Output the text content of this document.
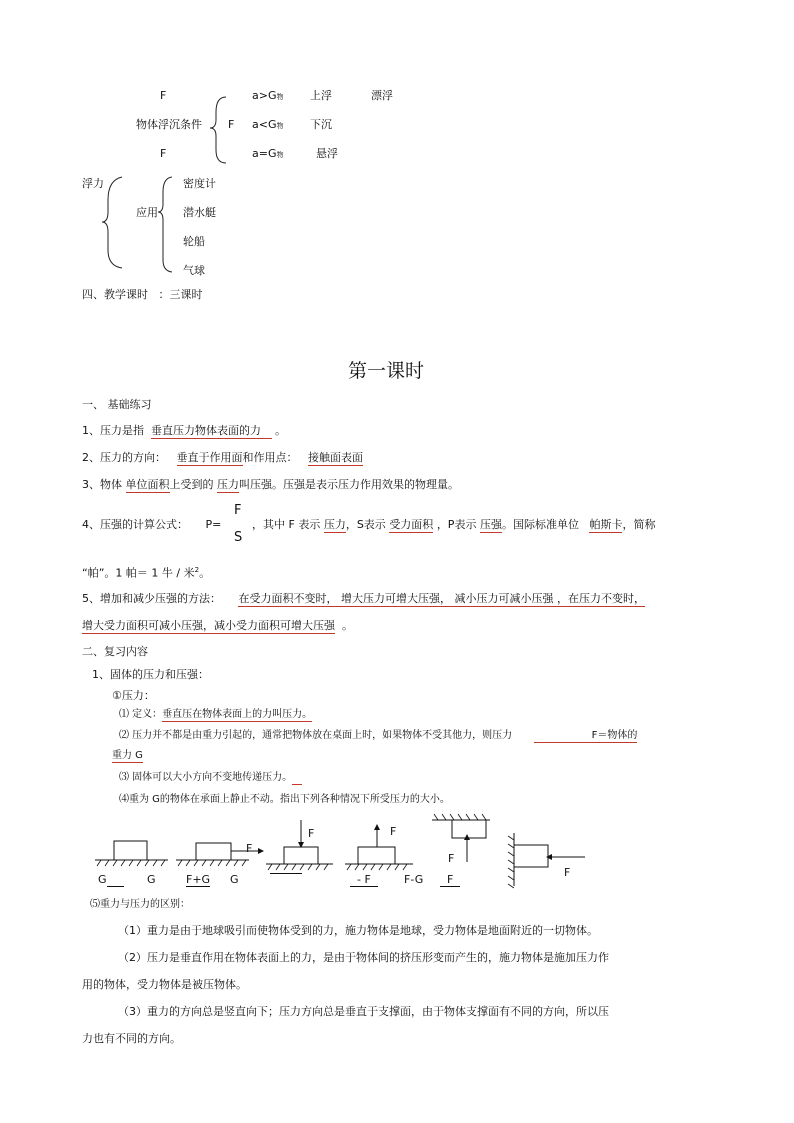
F	a>G物 上浮	漂浮
物体浮沉条件 F a<G物 下沉
F	a=G物	悬浮
浮力
应用
密度计
潜水艇
轮船
气球
四、教学课时 ：三课时
第一课时
一、 基础练习
1、压力是指 垂直压力物体表面的力 。
2、压力的方向： 垂直于作用面和作用点： 接触面表面
3、物体 单位面积上受到的 压力叫压强。压强是表示压力作用效果的物理量。
4、压强的计算公式： P=
F
S
，其中 F 表示 压力，S表示 受力面积 ，P表示 压强。国际标准单位 帕斯卡，简称
“帕”。1 帕＝ 1 牛 / 米$^2$。
5、增加和减少压强的方法： 在受力面积不变时， 增大压力可增大压强， 减小压力可减小压强 ，在压力不变时，
增大受力面积可减小压强，减小受力面积可增大压强 。
二、复习内容
1、固体的压力和压强：
①压力：
⑴ 定义：垂直压在物体表面上的力叫压力。
⑵ 压力并不都是由重力引起的，通常把物体放在桌面上时，如果物体不受其他力，则压力	F＝物体的
重力 G
⑶ 固体可以大小方向不变地传递压力。
⑷重为 G的物体在承面上静止不动。指出下列各种情况下所受压力的大小。
F
F	F
F
F
G	G	F+G G	- F	F-G	F
⑸重力与压力的区别：
（1）重力是由于地球吸引而使物体受到的力，施力物体是地球，受力物体是地面附近的一切物体。
（2）压力是垂直作用在物体表面上的力，是由于物体间的挤压形变而产生的，施力物体是施加压力作
用的物体，受力物体是被压物体。
（3）重力的方向总是竖直向下；压力方向总是垂直于支撑面，由于物体支撑面有不同的方向，所以压
力也有不同的方向。
